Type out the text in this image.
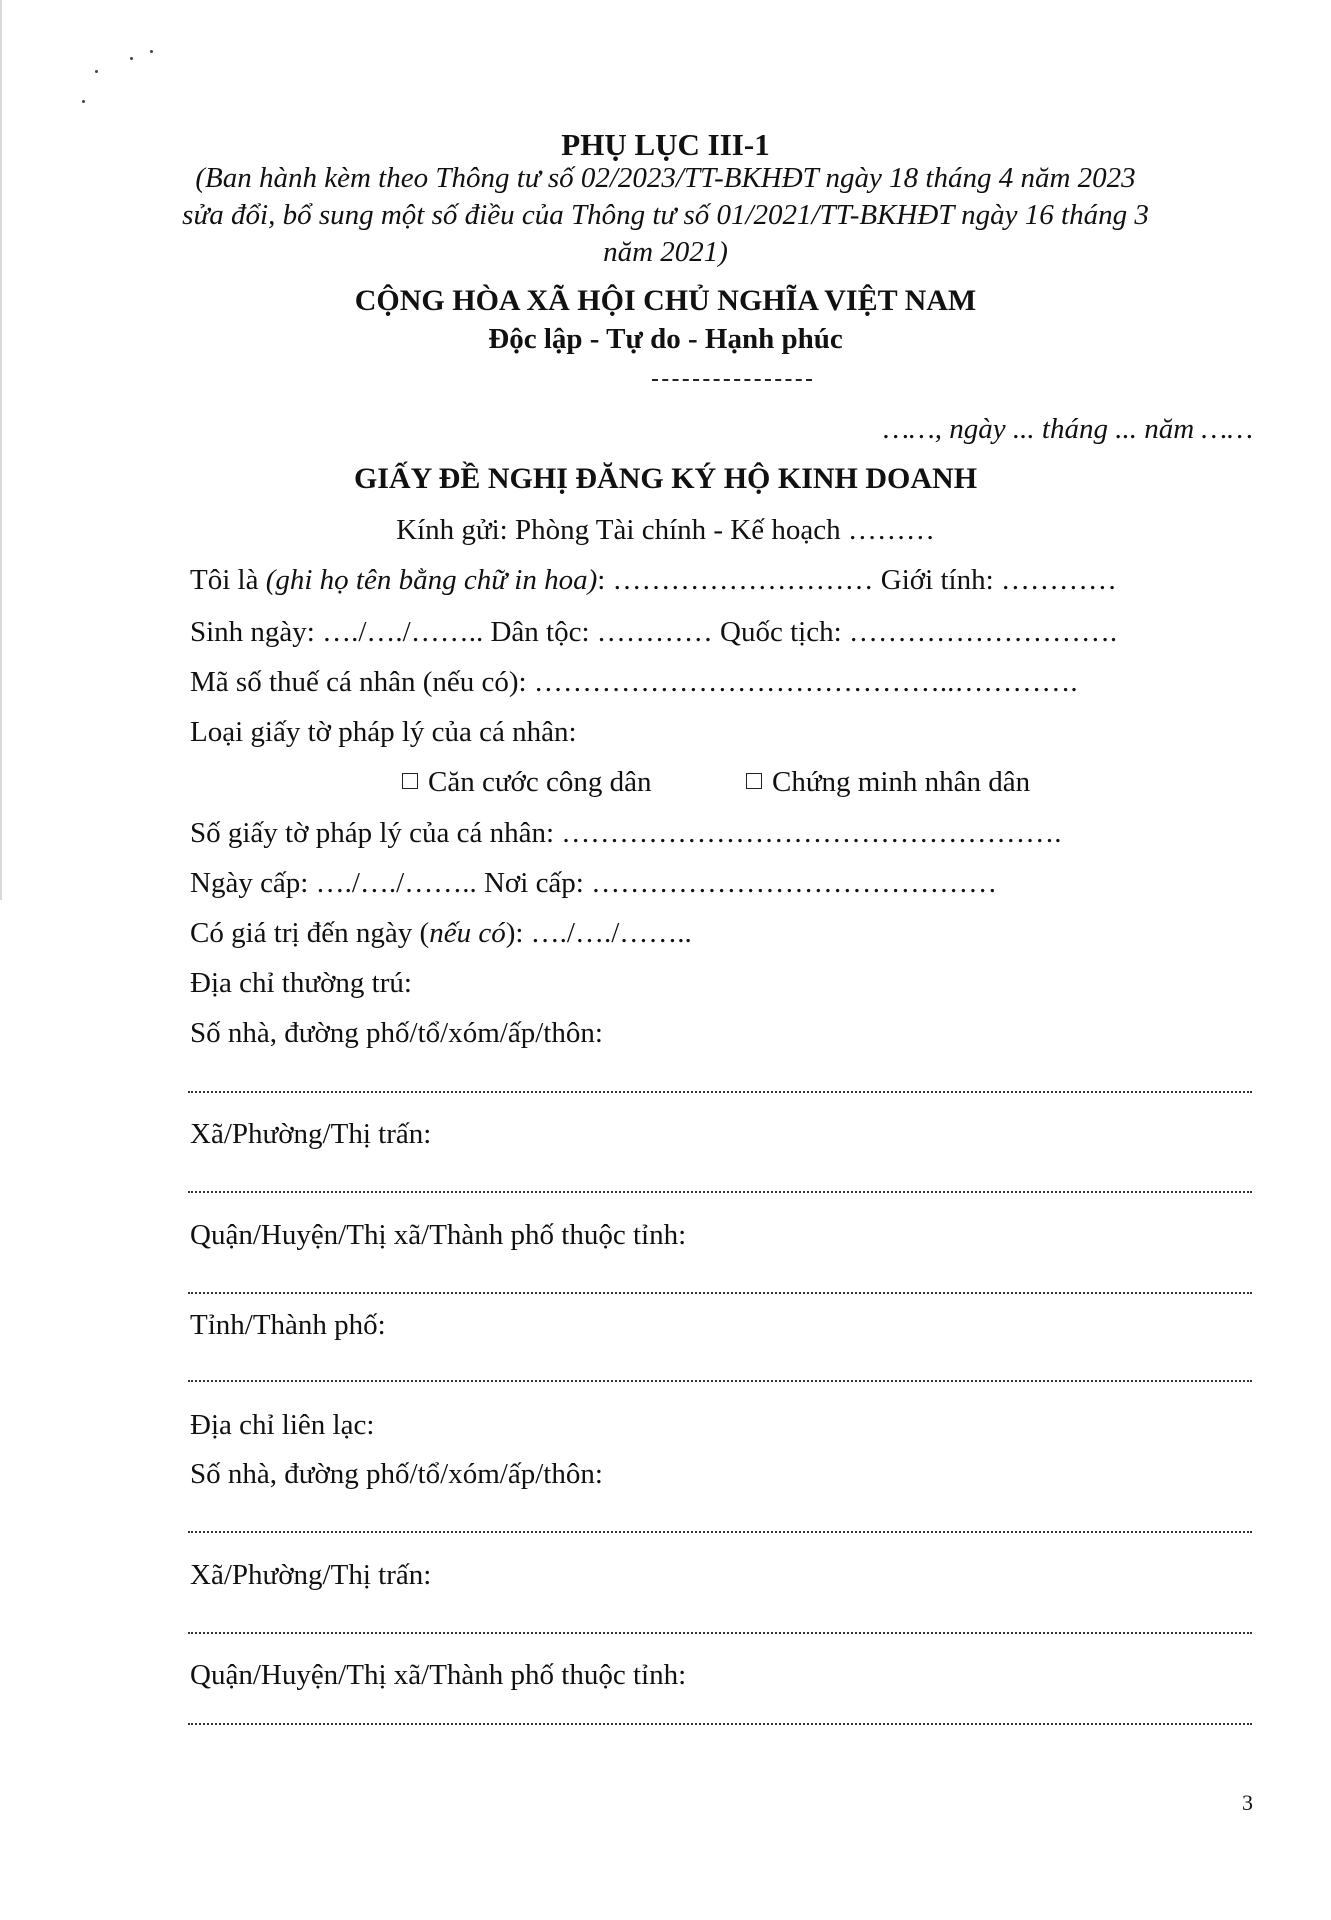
PHỤ LỤC III-1
(Ban hành kèm theo Thông tư số 02/2023/TT-BKHĐT ngày 18 tháng 4 năm 2023
sửa đổi, bổ sung một số điều của Thông tư số 01/2021/TT-BKHĐT ngày 16 tháng 3
năm 2021)
CỘNG HÒA XÃ HỘI CHỦ NGHĨA VIỆT NAM
Độc lập - Tự do - Hạnh phúc
……, ngày ... tháng ... năm ……
GIẤY ĐỀ NGHỊ ĐĂNG KÝ HỘ KINH DOANH
Kính gửi: Phòng Tài chính - Kế hoạch ………
Tôi là (ghi họ tên bằng chữ in hoa): ……………………… Giới tính: …………
Sinh ngày: …./…./…….. Dân tộc: ………… Quốc tịch: ……………………….
Mã số thuế cá nhân (nếu có): ……………………………………..………….
Loại giấy tờ pháp lý của cá nhân:
Căn cước công dân	Chứng minh nhân dân
Số giấy tờ pháp lý của cá nhân: …………………………………………….
Ngày cấp: …./…./…….. Nơi cấp: ……………………………………
Có giá trị đến ngày (nếu có): …./…./……..
Địa chỉ thường trú:
Số nhà, đường phố/tổ/xóm/ấp/thôn:
Xã/Phường/Thị trấn:
Quận/Huyện/Thị xã/Thành phố thuộc tỉnh:
Tỉnh/Thành phố:
Địa chỉ liên lạc:
Số nhà, đường phố/tổ/xóm/ấp/thôn:
Xã/Phường/Thị trấn:
Quận/Huyện/Thị xã/Thành phố thuộc tỉnh:
3
